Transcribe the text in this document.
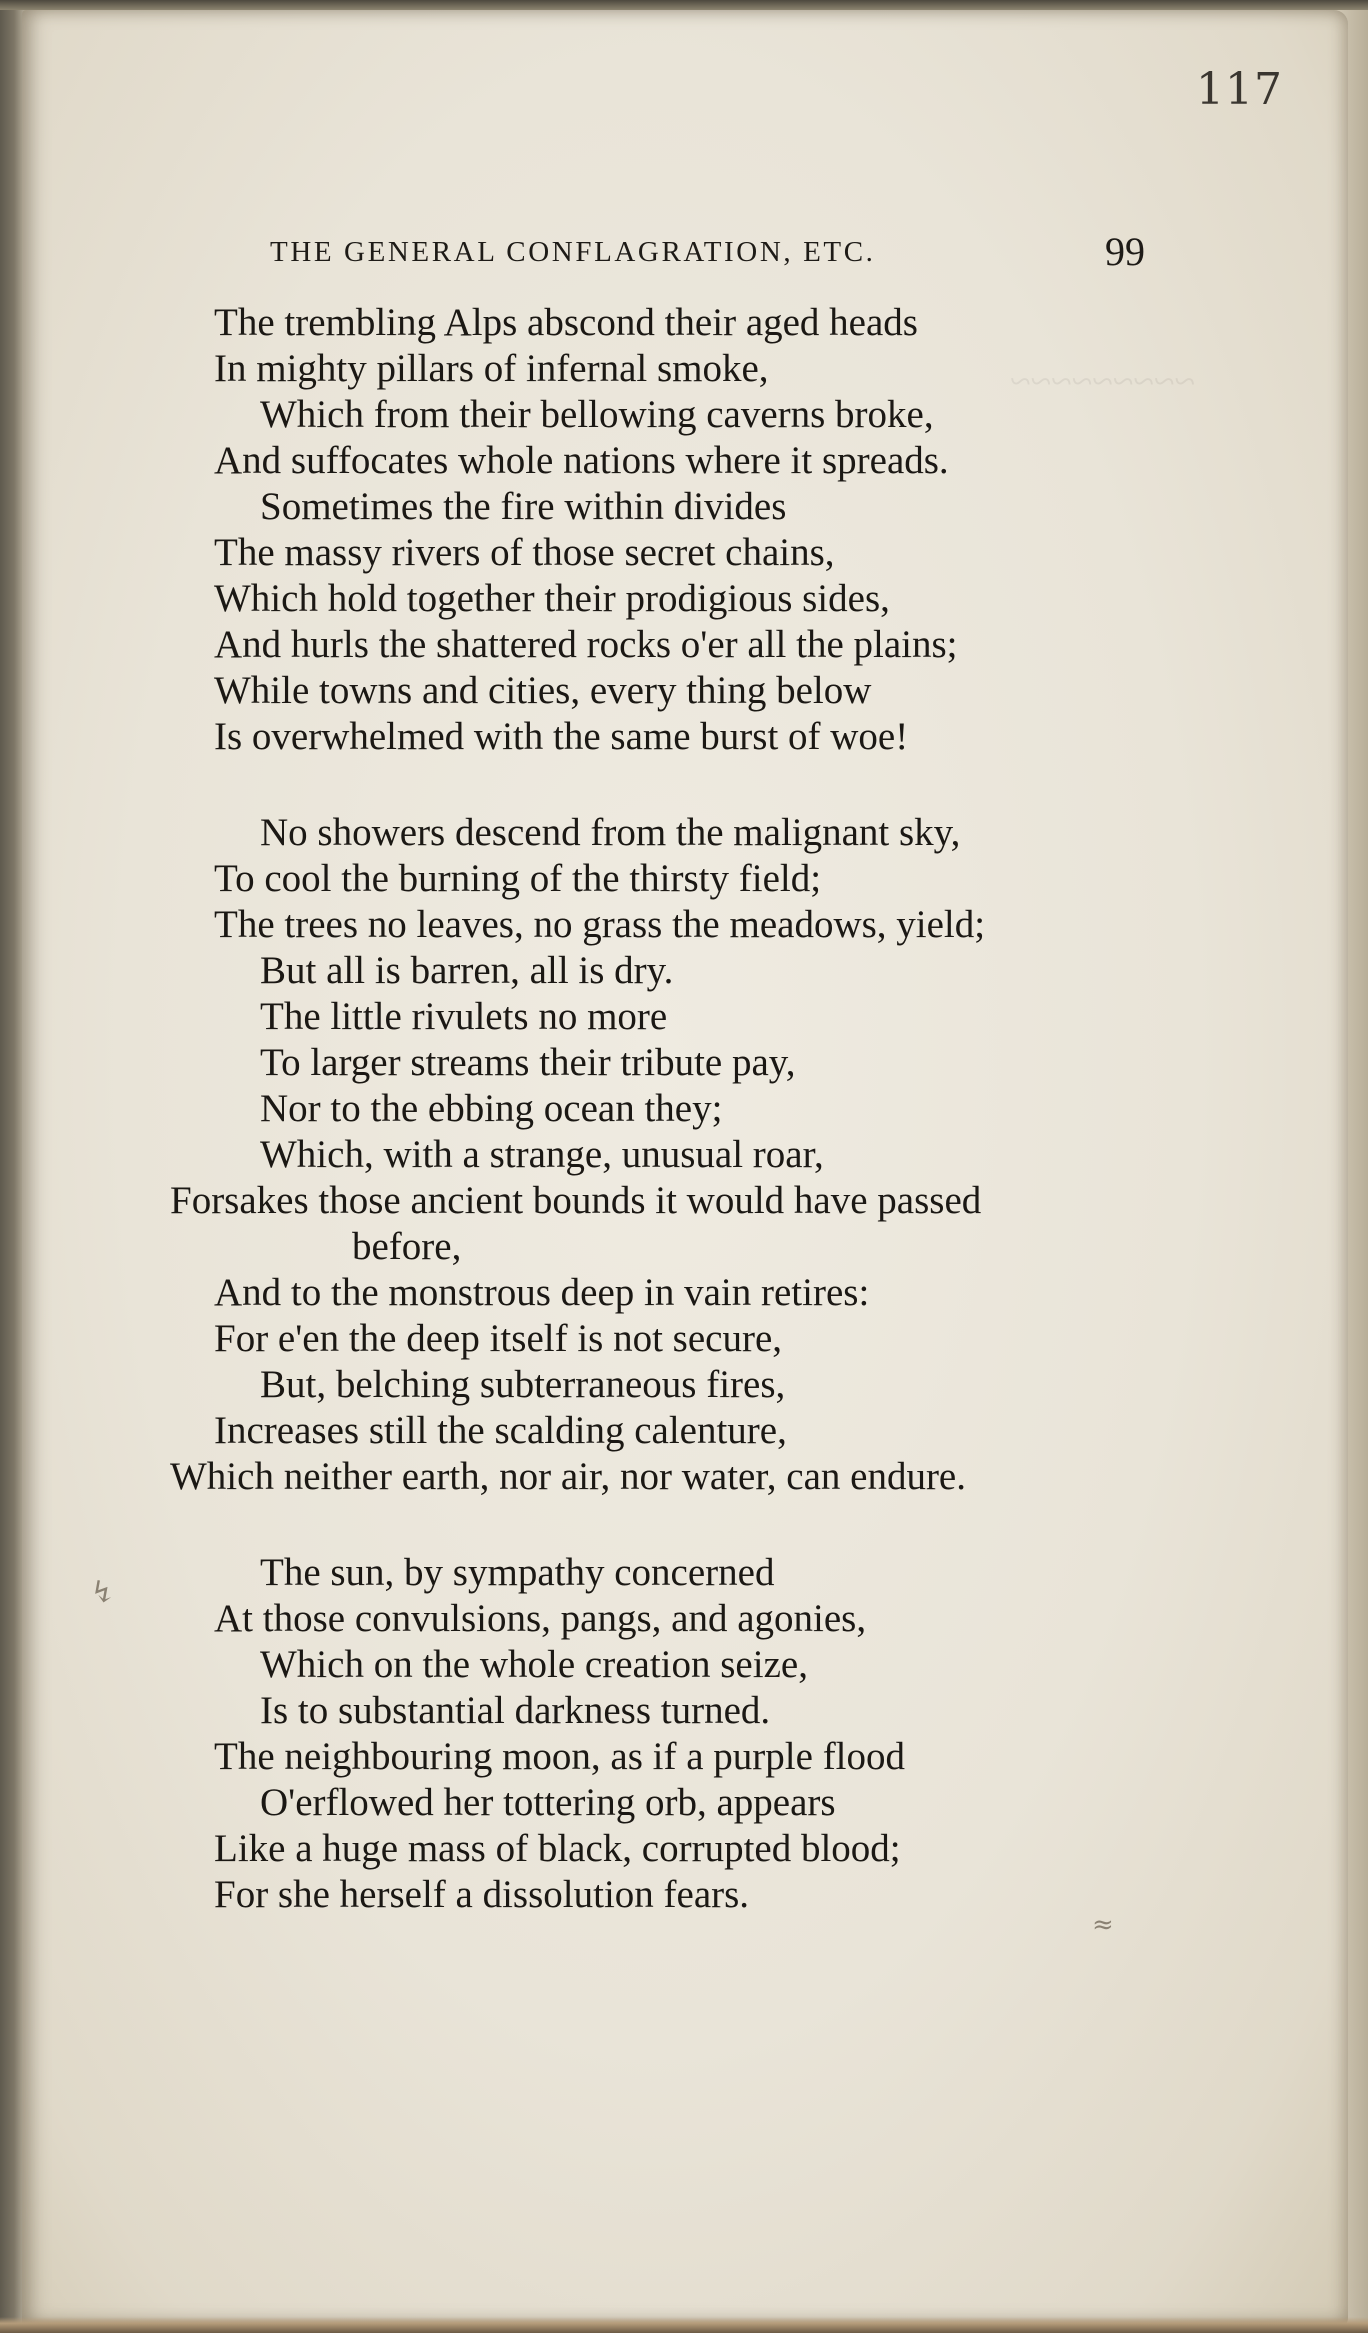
~~~~~~~~~
117
THE GENERAL CONFLAGRATION, ETC.	99
The trembling Alps abscond their aged heads
In mighty pillars of infernal smoke,
Which from their bellowing caverns broke,
And suffocates whole nations where it spreads.
Sometimes the fire within divides
The massy rivers of those secret chains,
Which hold together their prodigious sides,
And hurls the shattered rocks o'er all the plains;
While towns and cities, every thing below
Is overwhelmed with the same burst of woe!
No showers descend from the malignant sky,
To cool the burning of the thirsty field;
The trees no leaves, no grass the meadows, yield;
But all is barren, all is dry.
The little rivulets no more
To larger streams their tribute pay,
Nor to the ebbing ocean they;
Which, with a strange, unusual roar,
Forsakes those ancient bounds it would have passed
before,
And to the monstrous deep in vain retires:
For e'en the deep itself is not secure,
But, belching subterraneous fires,
Increases still the scalding calenture,
Which neither earth, nor air, nor water, can endure.
The sun, by sympathy concerned
At those convulsions, pangs, and agonies,
Which on the whole creation seize,
Is to substantial darkness turned.
The neighbouring moon, as if a purple flood
O'erflowed her tottering orb, appears
Like a huge mass of black, corrupted blood;
For she herself a dissolution fears.
↯
≈
